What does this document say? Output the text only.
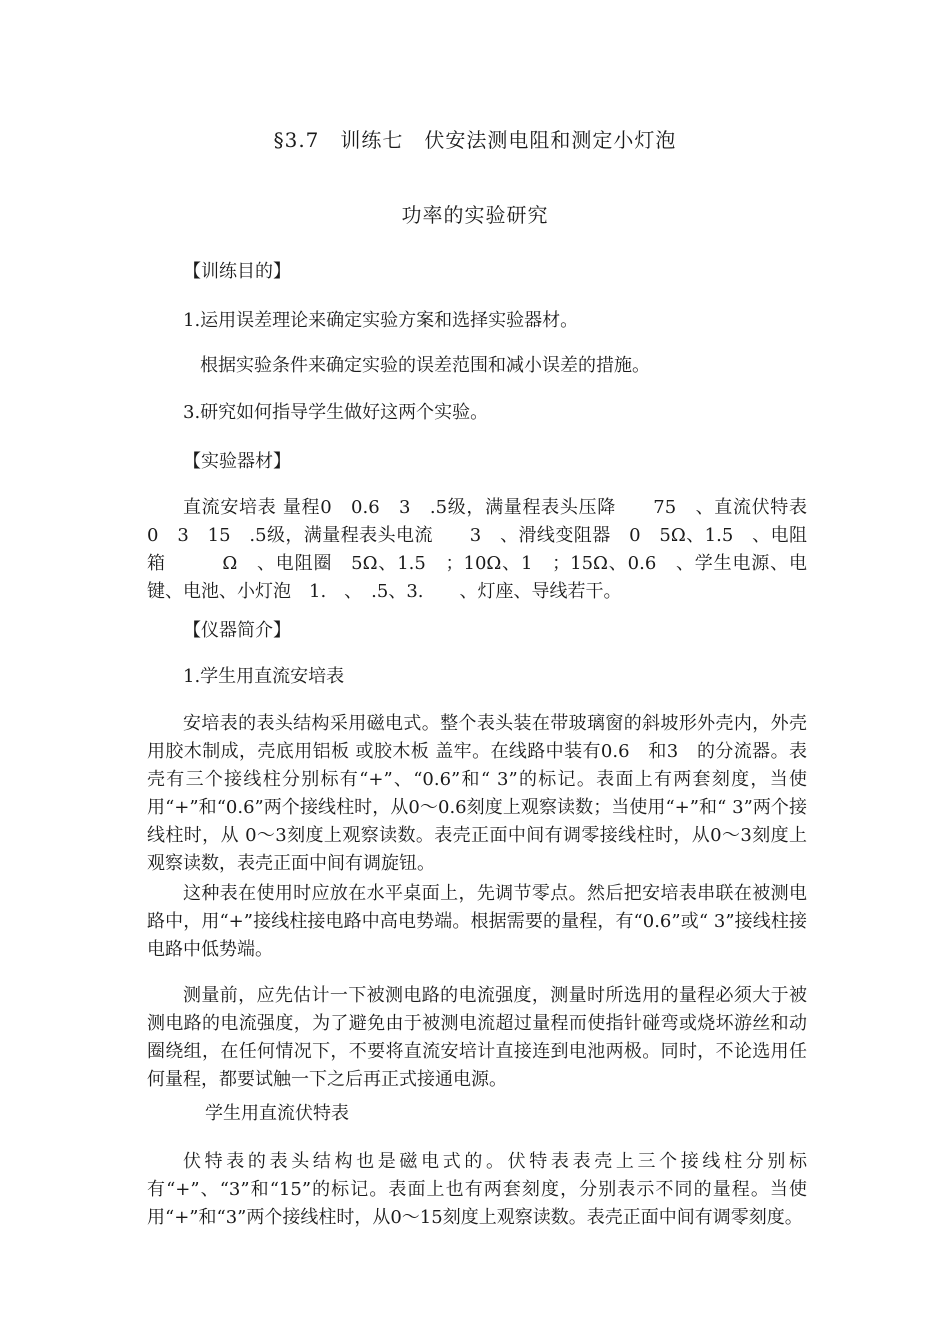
§3.7　训练七　伏安法测电阻和测定小灯泡
功率的实验研究

【训练目的】

1.运用误差理论来确定实验方案和选择实验器材。

根据实验条件来确定实验的误差范围和减小误差的措施。

3.研究如何指导学生做好这两个实验。

【实验器材】

直流安培表 量程0　0.6　3　.5级，满量程表头压降　　75　、直流伏特表　0　3　15　.5级，满量程表头电流　　3　、滑线变阻器　0　5Ω、1.5　、电阻箱　　　Ω　、电阻圈　5Ω、1.5　；10Ω、1　；15Ω、0.6　、学生电源、电键、电池、小灯泡　1.　、　.5、3.　　、灯座、导线若干。

【仪器简介】

1.学生用直流安培表

安培表的表头结构采用磁电式。整个表头装在带玻璃窗的斜坡形外壳内，外壳用胶木制成，壳底用铝板 或胶木板 盖牢。在线路中装有0.6　和3　的分流器。表壳有三个接线柱分别标有“+”、“0.6”和“ 3”的标记。表面上有两套刻度，当使用“+”和“0.6”两个接线柱时，从0～0.6刻度上观察读数；当使用“+”和“ 3”两个接线柱时，从 0～3刻度上观察读数。表壳正面中间有调零接线柱时，从0～3刻度上观察读数，表壳正面中间有调旋钮。

这种表在使用时应放在水平桌面上，先调节零点。然后把安培表串联在被测电路中，用“+”接线柱接电路中高电势端。根据需要的量程，有“0.6”或“ 3”接线柱接电路中低势端。

测量前，应先估计一下被测电路的电流强度，测量时所选用的量程必须大于被测电路的电流强度，为了避免由于被测电流超过量程而使指针碰弯或烧坏游丝和动圈绕组，在任何情况下，不要将直流安培计直接连到电池两极。同时，不论选用任何量程，都要试触一下之后再正式接通电源。

学生用直流伏特表

伏特表的表头结构也是磁电式的。伏特表表壳上三个接线柱分别标有“+”、“3”和“15”的标记。表面上也有两套刻度，分别表示不同的量程。当使用“+”和“3”两个接线柱时，从0～15刻度上观察读数。表壳正面中间有调零刻度。
